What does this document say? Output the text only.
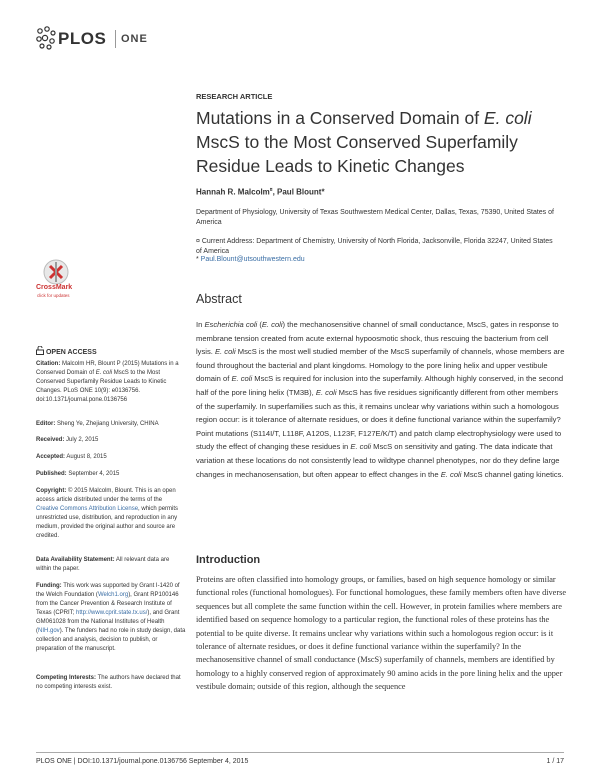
PLOS ONE
RESEARCH ARTICLE
Mutations in a Conserved Domain of E. coli
MscS to the Most Conserved Superfamily
Residue Leads to Kinetic Changes
Hannah R. Malcolm¤, Paul Blount*
Department of Physiology, University of Texas Southwestern Medical Center, Dallas, Texas, 75390, United States of America
¤ Current Address: Department of Chemistry, University of North Florida, Jacksonville, Florida 32247, United States of America
* Paul.Blount@utsouthwestern.edu
CrossMark
click for updates	Abstract
In Escherichia coli (E. coli) the mechanosensitive channel of small conductance, MscS, gates in response to membrane tension created from acute external hypoosmotic shock, thus rescuing the bacterium from cell lysis. E. coli MscS is the most well studied member of the MscS superfamily of channels, whose members are found throughout the bacterial and plant kingdoms. Homology to the pore lining helix and upper vestibule domain of E. coli MscS is required for inclusion into the superfamily. Although highly conserved, in the second half of the pore lining helix (TM3B), E. coli MscS has five residues significantly different from other members of the superfamily. In superfamilies such as this, it remains unclear why variations within such a homologous region occur: is it tolerance of alternate residues, or does it define functional variance within the superfamily? Point mutations (S114I/T, L118F, A120S, L123F, F127E/K/T) and patch clamp electrophysiology were used to study the effect of changing these residues in E. coli MscS on sensitivity and gating. The data indicate that variation at these locations do not consistently lead to wildtype channel phenotypes, nor do they define large changes in mechanosensation, but often appear to effect changes in the E. coli MscS channel gating kinetics.
OPEN ACCESS
Citation: Malcolm HR, Blount P (2015) Mutations in a Conserved Domain of E. coli MscS to the Most Conserved Superfamily Residue Leads to Kinetic Changes. PLoS ONE 10(9): e0136756. doi:10.1371/journal.pone.0136756
Editor: Sheng Ye, Zhejiang University, CHINA
Received: July 2, 2015
Accepted: August 8, 2015
Published: September 4, 2015
Copyright: © 2015 Malcolm, Blount. This is an open access article distributed under the terms of the Creative Commons Attribution License, which permits unrestricted use, distribution, and reproduction in any medium, provided the original author and source are credited.
Data Availability Statement: All relevant data are within the paper.
Funding: This work was supported by Grant I-1420 of the Welch Foundation (Welch1.org), Grant RP100146 from the Cancer Prevention & Research Institute of Texas (CPRIT; http://www.cprit.state.tx.us/), and Grant GM061028 from the National Institutes of Health (NIH.gov). The funders had no role in study design, data collection and analysis, decision to publish, or preparation of the manuscript.
Competing Interests: The authors have declared that no competing interests exist.
Introduction
Proteins are often classified into homology groups, or families, based on high sequence homology or similar functional roles (functional homologues). For functional homologues, these family members often have diverse sequences but all complete the same function within the cell. However, in protein families where members are identified based on sequence homology to a particular region, the functional roles of these proteins has the potential to be quite diverse. It remains unclear why variations within such a homologous region occur: is it tolerance of alternate residues, or does it define functional variance within the superfamily? In the mechanosensitive channel of small conductance (MscS) superfamily of channels, members are identified by homology to a highly conserved region of approximately 90 amino acids in the pore lining helix and the upper vestibule domain; outside of this region, although the sequence
PLOS ONE | DOI:10.1371/journal.pone.0136756 September 4, 2015	1 / 17
